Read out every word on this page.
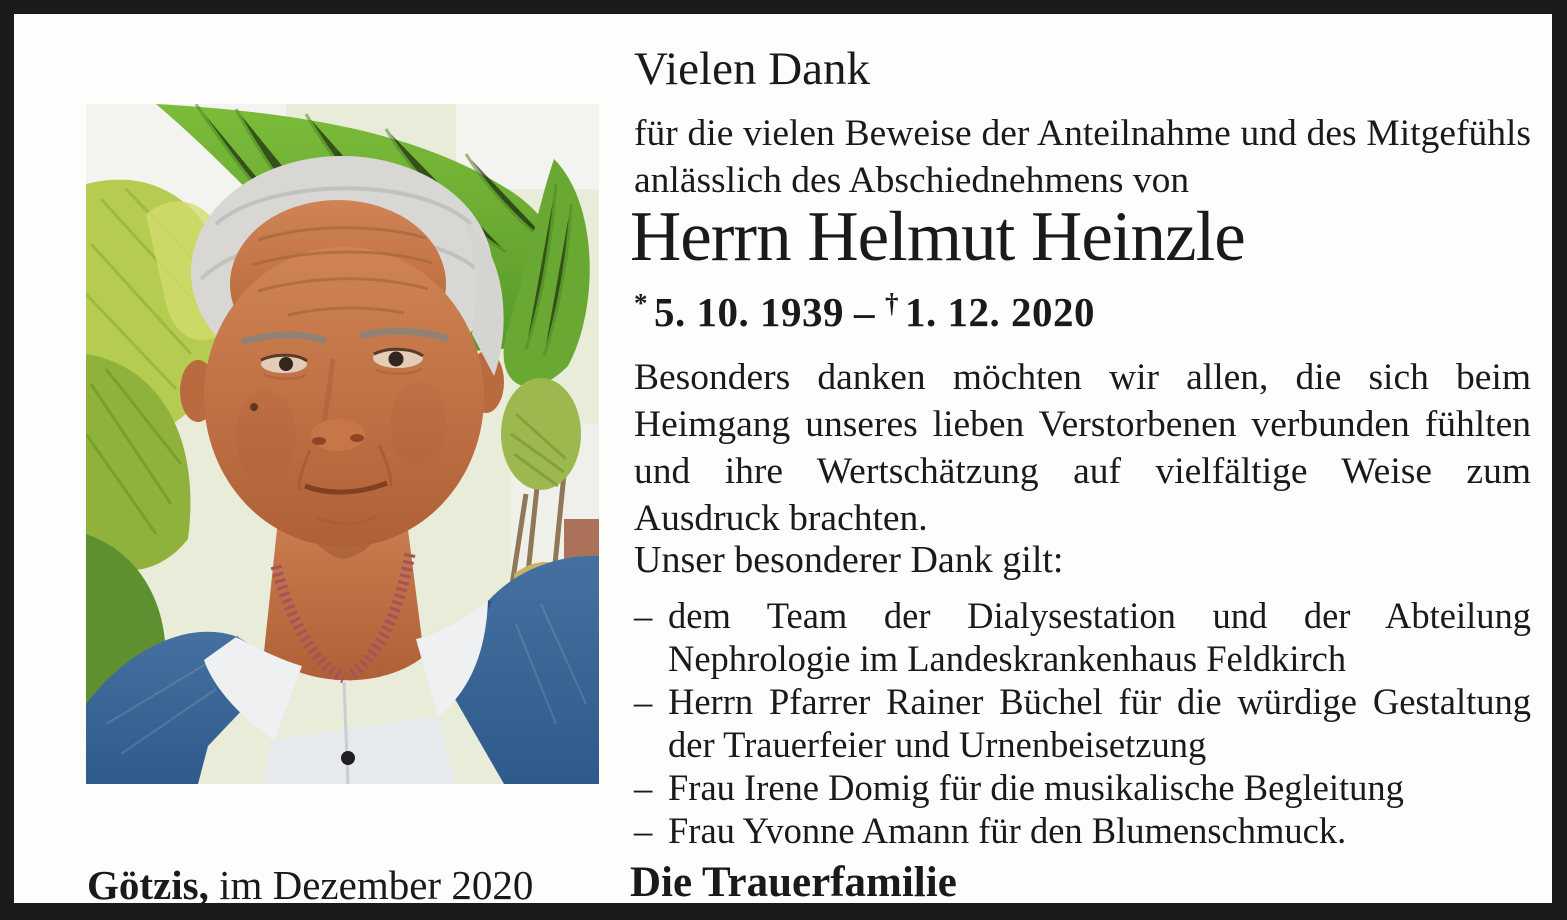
Vielen Dank
für die vielen Beweise der Anteilnahme und des Mitgefühls anlässlich des Abschiednehmens von
Herrn Helmut Heinzle
* 5. 10. 1939 – † 1. 12. 2020
Besonders danken möchten wir allen, die sich beim Heimgang unseres lieben Verstorbenen verbunden fühlten und ihre Wertschätzung auf vielfältige Weise zum Ausdruck brachten.
Unser besonderer Dank gilt:
– dem Team der Dialysestation und der Abteilung Nephrologie im Landeskrankenhaus Feldkirch
– Herrn Pfarrer Rainer Büchel für die würdige Gestaltung der Trauerfeier und Urnenbeisetzung
– Frau Irene Domig für die musikalische Begleitung
– Frau Yvonne Amann für den Blumenschmuck.
Götzis, im Dezember 2020 Die Trauerfamilie
